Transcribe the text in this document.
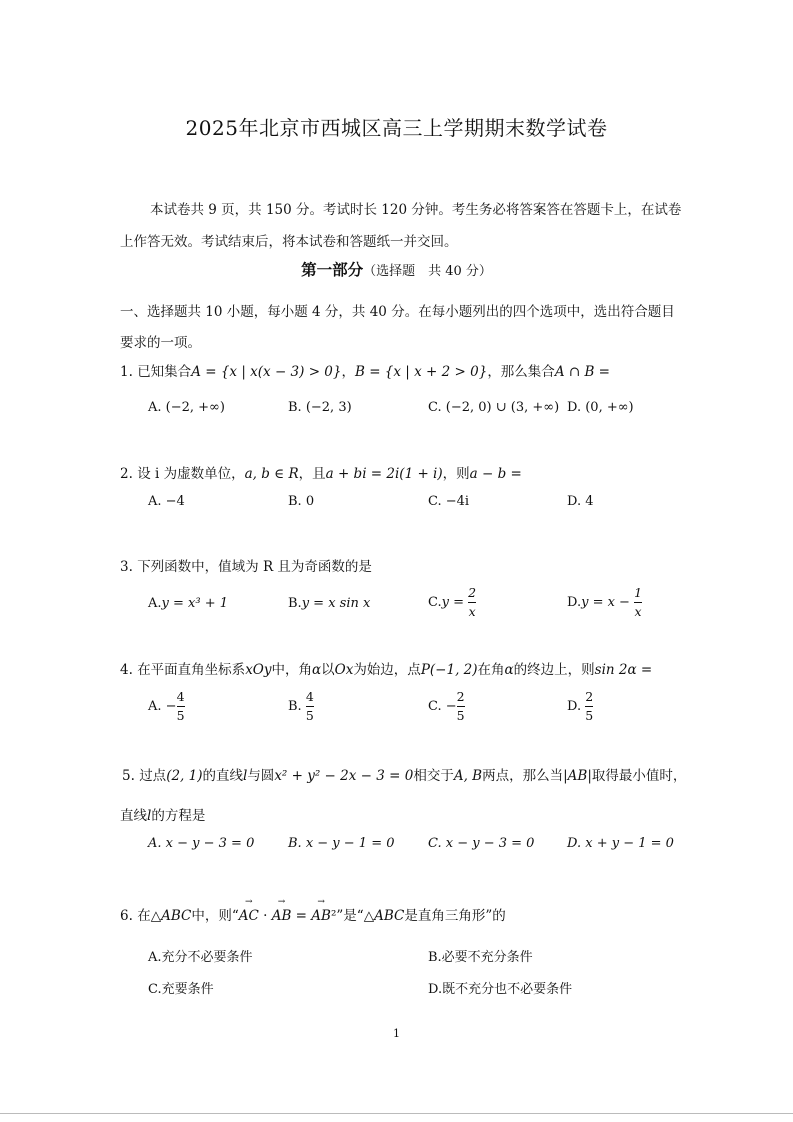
2025年北京市西城区高三上学期期末数学试卷
本试卷共 9 页，共 150 分。考试时长 120 分钟。考生务必将答案答在答题卡上，在试卷
上作答无效。考试结束后，将本试卷和答题纸一并交回。
第一部分（选择题　共 40 分）
一、选择题共 10 小题，每小题 4 分，共 40 分。在每小题列出的四个选项中，选出符合题目
要求的一项。
1. 已知集合A = {x | x(x − 3) > 0}，B = {x | x + 2 > 0}，那么集合A ∩ B =
A. (−2, +∞)	B. (−2, 3)	C. (−2, 0) ∪ (3, +∞) D. (0, +∞)
2. 设 i 为虚数单位，a, b ∈ R，且a + bi = 2i(1 + i)，则a − b =
A. −4	B. 0	C. −4i	D. 4
3. 下列函数中，值域为 R 且为奇函数的是
A.y = x³ + 1	B.y = x sin x	$C.y = \frac{2}{x}$	$D.y = x - \frac{1}{x}$
4. 在平面直角坐标系xOy中，角α以Ox为始边，点P(−1, 2)在角α的终边上，则sin 2α =
A. − $\frac{4}{5}$	B. $\frac{4}{5}$	C. − $\frac{2}{5}$	D. $\frac{2}{5}$
5. 过点(2, 1)的直线l与圆x² + y² − 2x − 3 = 0相交于A, B两点，那么当|AB|取得最小值时，
直线l的方程是
A. x − y − 3 = 0	B. x − y − 1 = 0	C. x − y − 3 = 0	D. x + y − 1 = 0
6. 在△ABC中，则“→ AC · → AB = → AB²”是“△ABC是直角三角形”的
A.充分不必要条件	B.必要不充分条件
C.充要条件	D.既不充分也不必要条件
1
